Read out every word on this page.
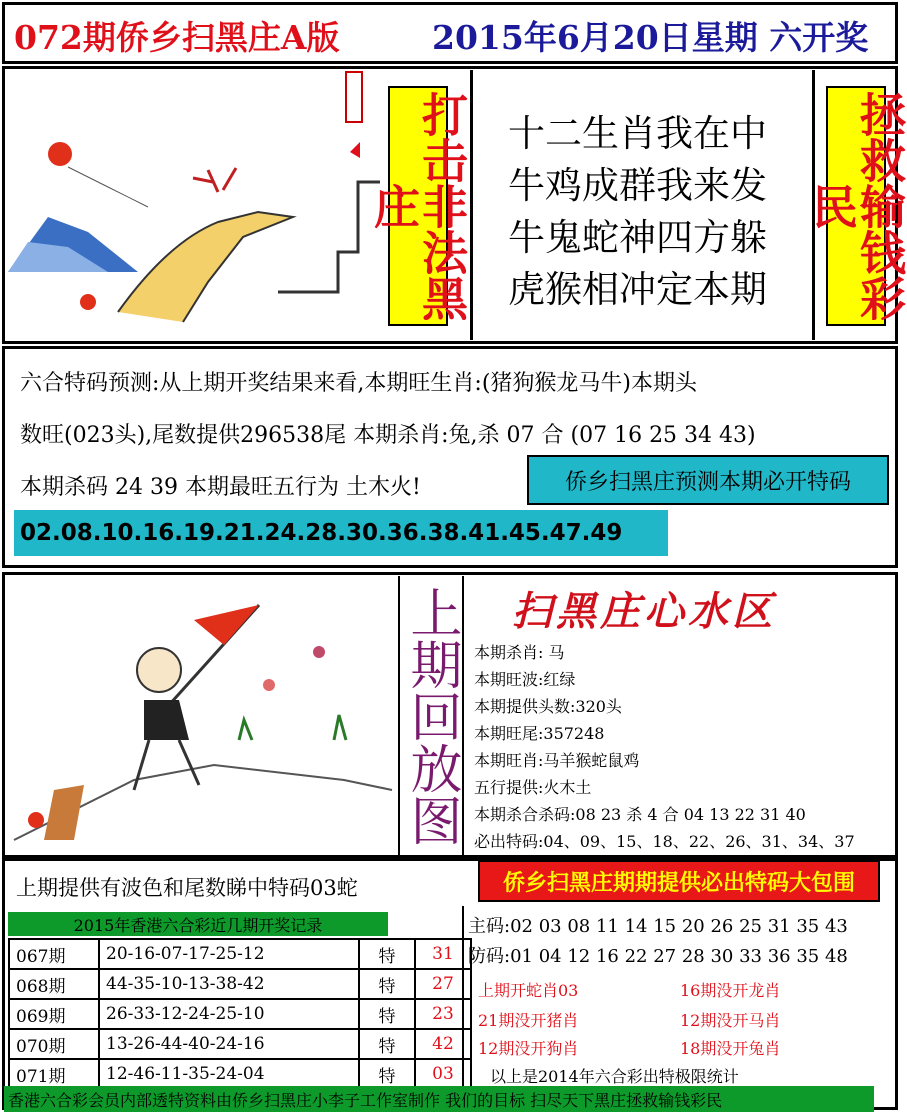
072期侨乡扫黑庄A版	2015年6月20日星期 六开奖
打击非法黑庄
十二生肖我在中
牛鸡成群我来发
牛鬼蛇神四方躲
虎猴相冲定本期	拯救输钱彩民
六合特码预测:从上期开奖结果来看,本期旺生肖:(猪狗猴龙马牛)本期头
数旺(023头),尾数提供296538尾 本期杀肖:兔,杀 07 合 (07 16 25 34 43)
本期杀码 24 39 本期最旺五行为 土木火!	侨乡扫黑庄预测本期必开特码
02.08.10.16.19.21.24.28.30.36.38.41.45.47.49
上期回放图 扫黑庄心水区
本期杀肖: 马
本期旺波:红绿
本期提供头数:320头
本期旺尾:357248
本期旺肖:马羊猴蛇鼠鸡
五行提供:火木土
本期杀合杀码:08 23 杀 4 合 04 13 22 31 40
必出特码:04、09、15、18、22、26、31、34、37
上期提供有波色和尾数睇中特码03蛇	侨乡扫黑庄期期提供必出特码大包围
2015年香港六合彩近几期开奖记录
067期	20-16-07-17-25-12	特	31
068期	44-35-10-13-38-42	特	27
069期	26-33-12-24-25-10	特	23
070期	13-26-44-40-24-16	特	42
071期	12-46-11-35-24-04	特	03
主码:02 03 08 11 14 15 20 26 25 31 35 43
防码:01 04 12 16 22 27 28 30 33 36 35 48
上期开蛇肖03	16期没开龙肖
21期没开猪肖	12期没开马肖
12期没开狗肖	18期没开兔肖
以上是2014年六合彩出特极限统计
香港六合彩会员内部透特资料由侨乡扫黑庄小李子工作室制作 我们的目标 扫尽天下黑庄拯救输钱彩民
